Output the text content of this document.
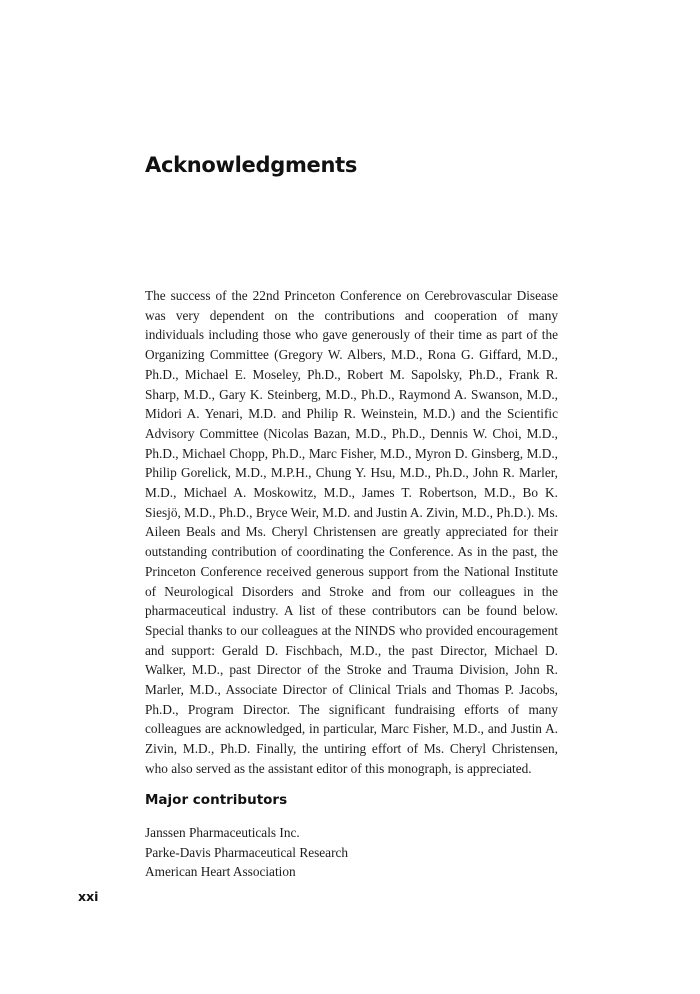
Acknowledgments

The success of the 22nd Princeton Conference on Cerebrovascular Disease was very dependent on the contributions and cooperation of many individuals including those who gave generously of their time as part of the Organizing Committee (Gregory W. Albers, M.D., Rona G. Giffard, M.D., Ph.D., Michael E. Moseley, Ph.D., Robert M. Sapolsky, Ph.D., Frank R. Sharp, M.D., Gary K. Steinberg, M.D., Ph.D., Raymond A. Swanson, M.D., Midori A. Yenari, M.D. and Philip R. Weinstein, M.D.) and the Scientific Advisory Committee (Nicolas Bazan, M.D., Ph.D., Dennis W. Choi, M.D., Ph.D., Michael Chopp, Ph.D., Marc Fisher, M.D., Myron D. Ginsberg, M.D., Philip Gorelick, M.D., M.P.H., Chung Y. Hsu, M.D., Ph.D., John R. Marler, M.D., Michael A. Moskowitz, M.D., James T. Robertson, M.D., Bo K. Siesjö, M.D., Ph.D., Bryce Weir, M.D. and Justin A. Zivin, M.D., Ph.D.). Ms. Aileen Beals and Ms. Cheryl Christensen are greatly appreciated for their outstanding contribution of coordinating the Conference. As in the past, the Princeton Conference received generous support from the National Institute of Neurological Disorders and Stroke and from our colleagues in the pharmaceutical industry. A list of these contributors can be found below. Special thanks to our colleagues at the NINDS who provided encouragement and support: Gerald D. Fischbach, M.D., the past Director, Michael D. Walker, M.D., past Director of the Stroke and Trauma Division, John R. Marler, M.D., Associate Director of Clinical Trials and Thomas P. Jacobs, Ph.D., Program Director. The significant fundraising efforts of many colleagues are acknowledged, in particular, Marc Fisher, M.D., and Justin A. Zivin, M.D., Ph.D. Finally, the untiring effort of Ms. Cheryl Christensen, who also served as the assistant editor of this monograph, is appreciated.

Major contributors
Janssen Pharmaceuticals Inc.
Parke-Davis Pharmaceutical Research
American Heart Association
xxi
